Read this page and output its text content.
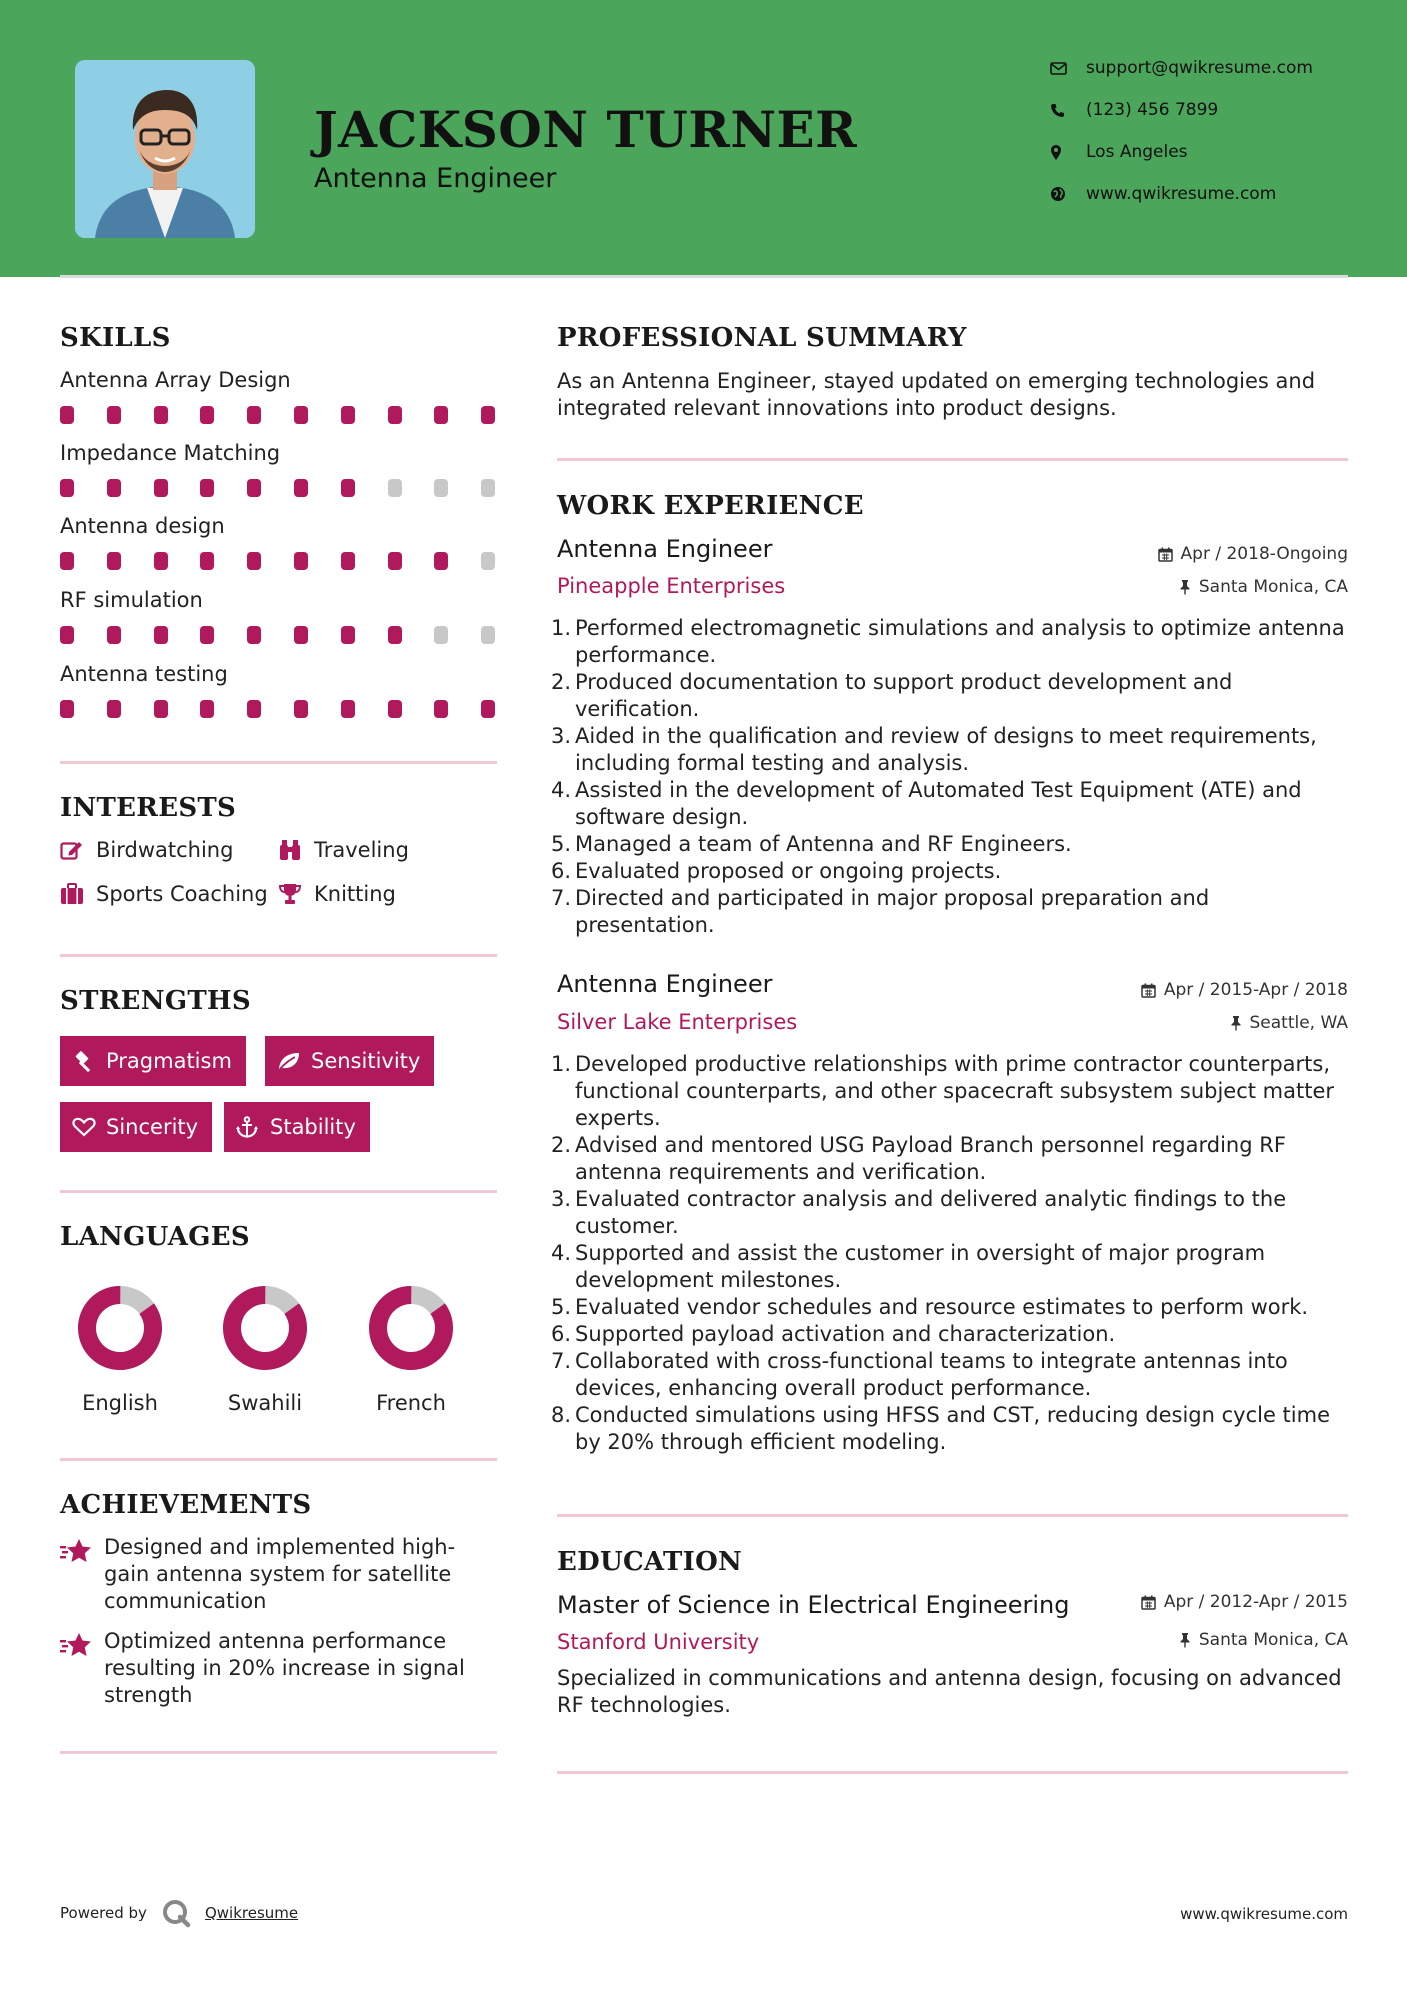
JACKSON TURNER
Antenna Engineer
support@qwikresume.com
(123) 456 7899
Los Angeles
www.qwikresume.com
SKILLS
Antenna Array Design
Impedance Matching
Antenna design
RF simulation
Antenna testing
INTERESTS
Birdwatching	Traveling
Sports Coaching Knitting
STRENGTHS
Pragmatism	Sensitivity
Sincerity	Stability
LANGUAGES
English	Swahili	French
ACHIEVEMENTS
Designed and implemented high-gain antenna system for satellite communication
Optimized antenna performance resulting in 20% increase in signal strength
PROFESSIONAL SUMMARY
As an Antenna Engineer, stayed updated on emerging technologies and integrated relevant innovations into product designs.
WORK EXPERIENCE
Antenna Engineer	Apr / 2018-Ongoing
Pineapple Enterprises	Santa Monica, CA
1. Performed electromagnetic simulations and analysis to optimize antenna performance.
2. Produced documentation to support product development and verification.
3. Aided in the qualification and review of designs to meet requirements, including formal testing and analysis.
4. Assisted in the development of Automated Test Equipment (ATE) and software design.
5. Managed a team of Antenna and RF Engineers.
6. Evaluated proposed or ongoing projects.
7. Directed and participated in major proposal preparation and presentation.
Antenna Engineer	Apr / 2015-Apr / 2018
Silver Lake Enterprises	Seattle, WA
1. Developed productive relationships with prime contractor counterparts, functional counterparts, and other spacecraft subsystem subject matter experts.
2. Advised and mentored USG Payload Branch personnel regarding RF antenna requirements and verification.
3. Evaluated contractor analysis and delivered analytic findings to the customer.
4. Supported and assist the customer in oversight of major program development milestones.
5. Evaluated vendor schedules and resource estimates to perform work.
6. Supported payload activation and characterization.
7. Collaborated with cross-functional teams to integrate antennas into devices, enhancing overall product performance.
8. Conducted simulations using HFSS and CST, reducing design cycle time by 20% through efficient modeling.
EDUCATION
Master of Science in Electrical Engineering	Apr / 2012-Apr / 2015
Stanford University	Santa Monica, CA
Specialized in communications and antenna design, focusing on advanced RF technologies.
Powered by	Qwikresume	www.qwikresume.com
